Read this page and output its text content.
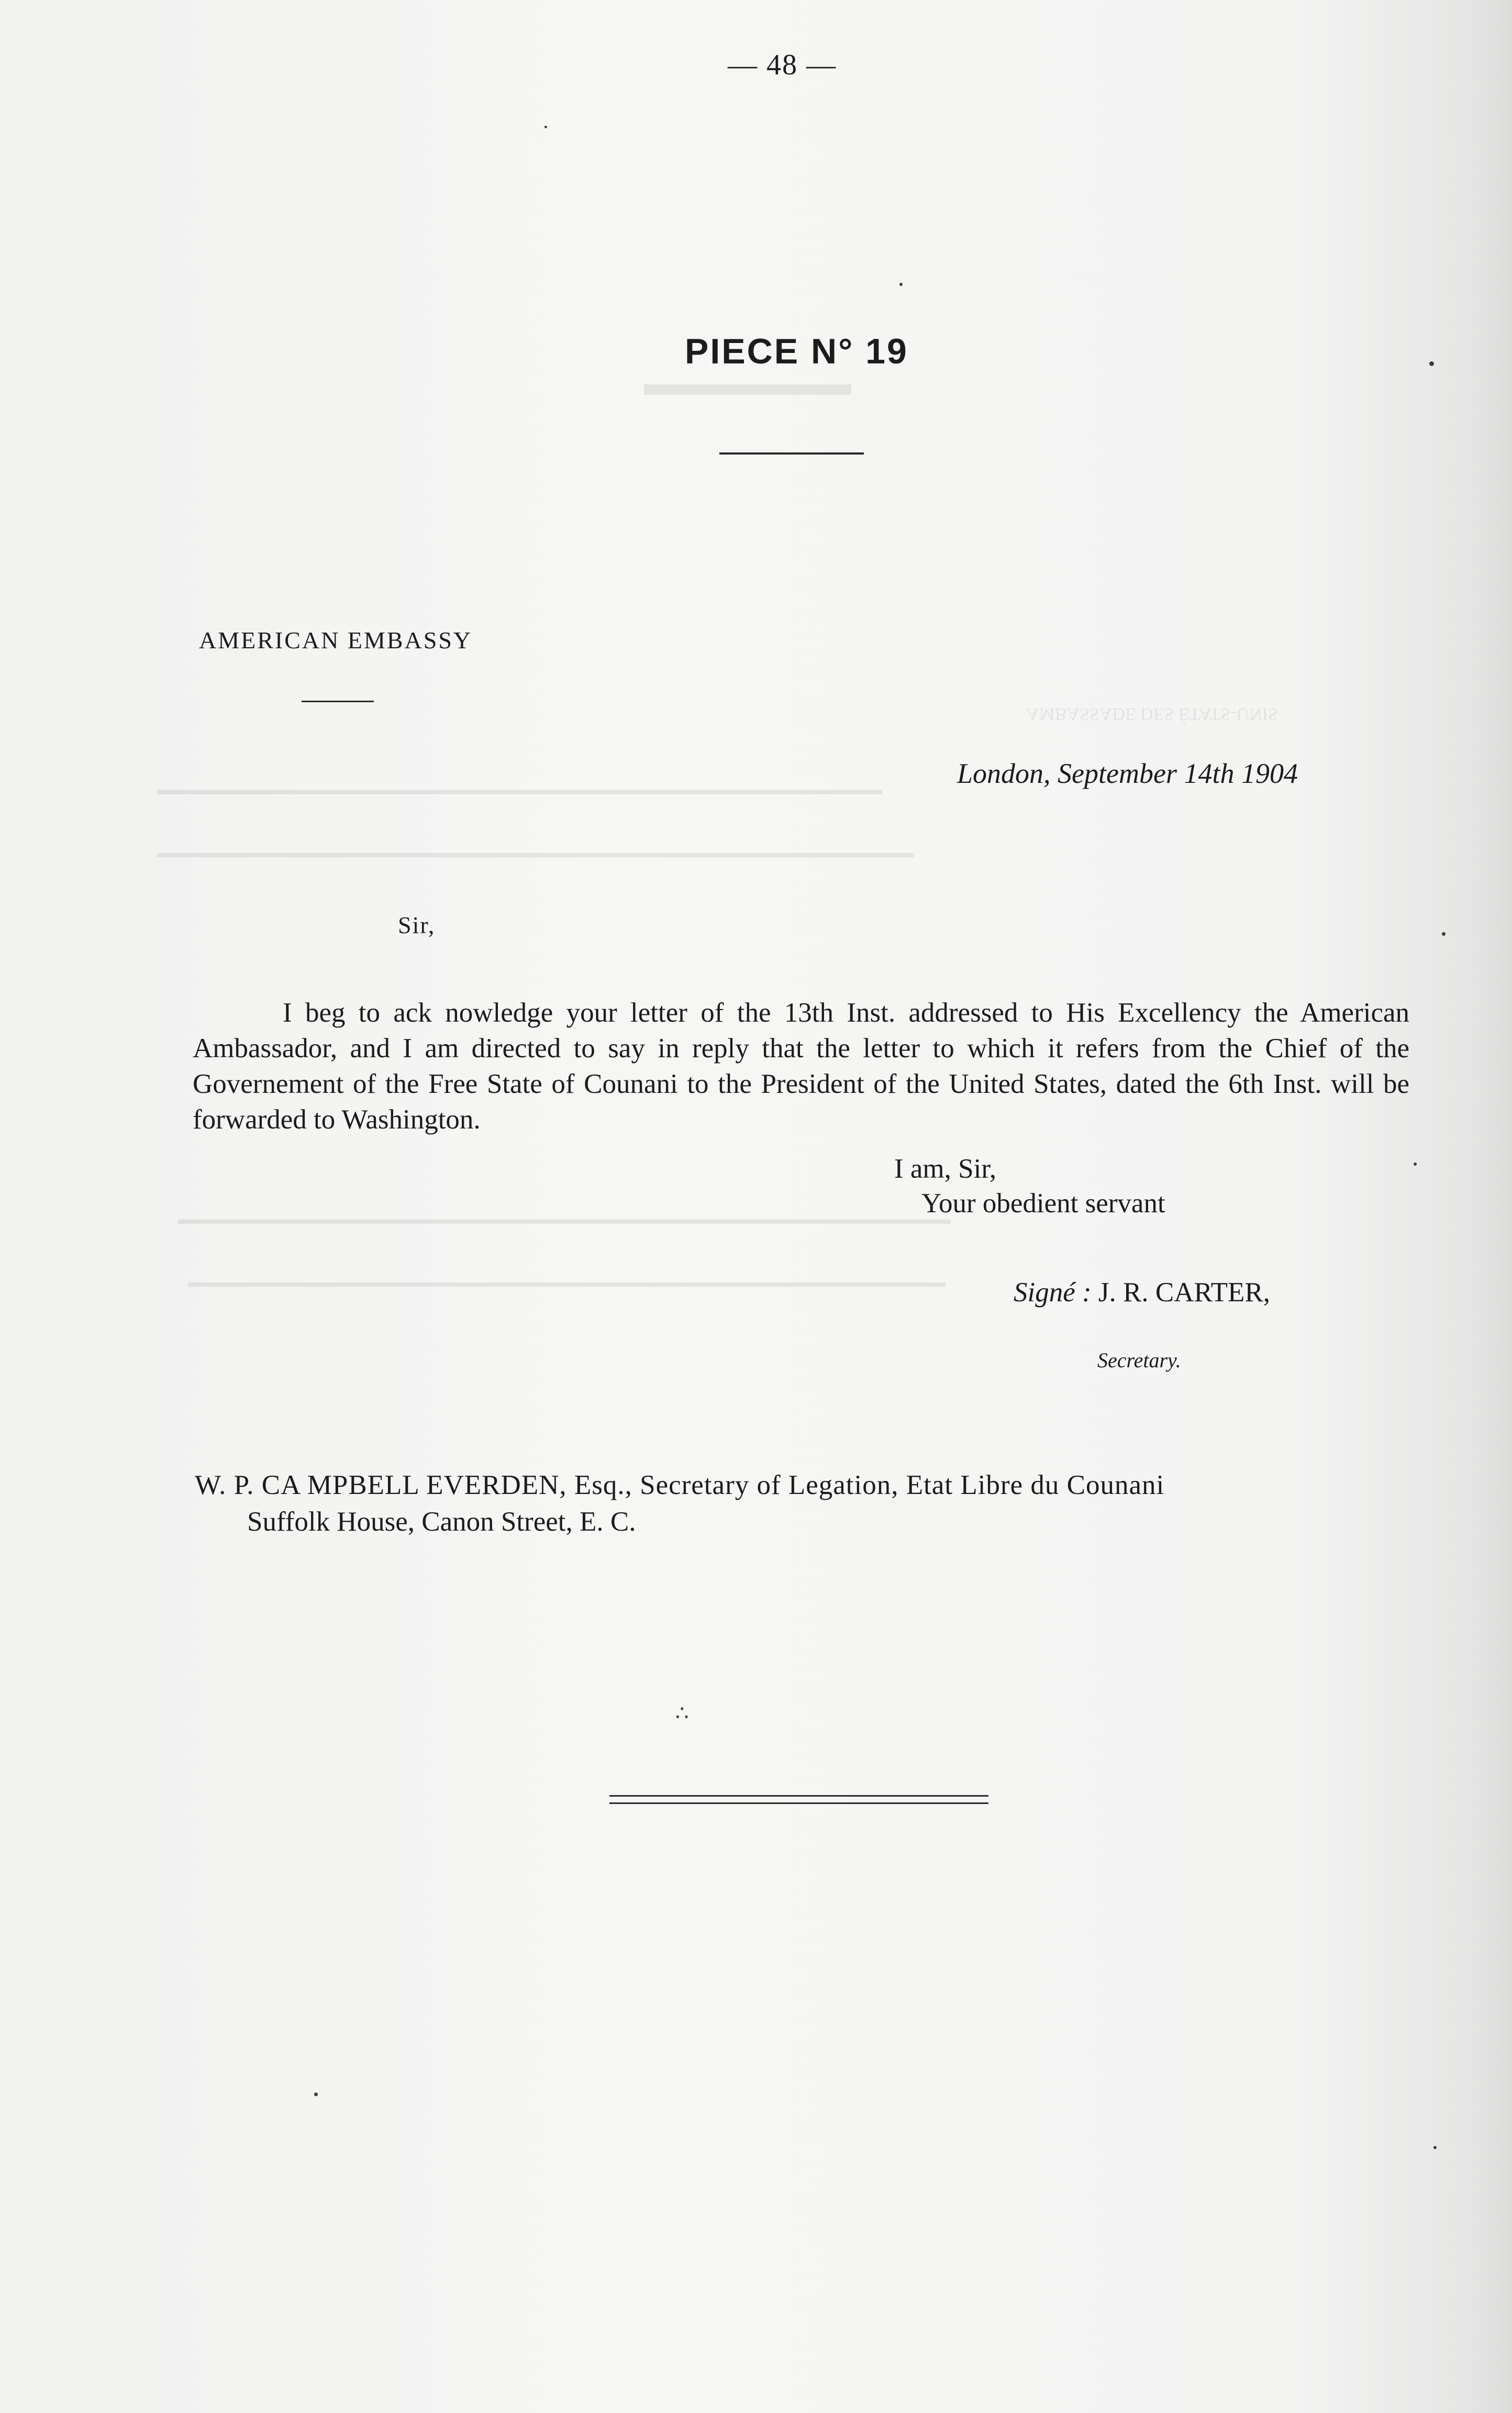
AMBASSADE DES ÉTATS-UNIS
━━━━━━━━━━━━━━━━━━━━━━━━━━━━━━━━━━━━━━━━━━━━━━
━━━━━━━━━━━━━━━━━━━━━━━━━━━━━━━━━━━━━━━━━━━━━━━━
━━━━━━━━━━━━━━━━━━━━━━━━━━━━━━━━━━━━━━━━━━━━━━━━━
━━━━━━━━━━━━━━━━━━━━━━━━━━━━━━━━━━━━━━━━━━━━━━━━
▬▬▬▬▬▬
— 48 —
PIECE N° 19
AMERICAN EMBASSY
London, September 14th 1904
Sir,
I beg to ack nowledge your letter of the 13th Inst. addressed to His Excellency the American Ambassador, and I am directed to say in reply that the letter to which it refers from the Chief of the Governement of the Free State of Counani to the President of the United States, dated the 6th Inst. will be forwarded to Washington.
I am, Sir,
Your obedient servant
Signé : J. R. CARTER,
Secretary.
W. P. CA MPBELL EVERDEN, Esq., Secretary of Legation, Etat Libre du Counani
Suffolk House, Canon Street, E. C.
∴
